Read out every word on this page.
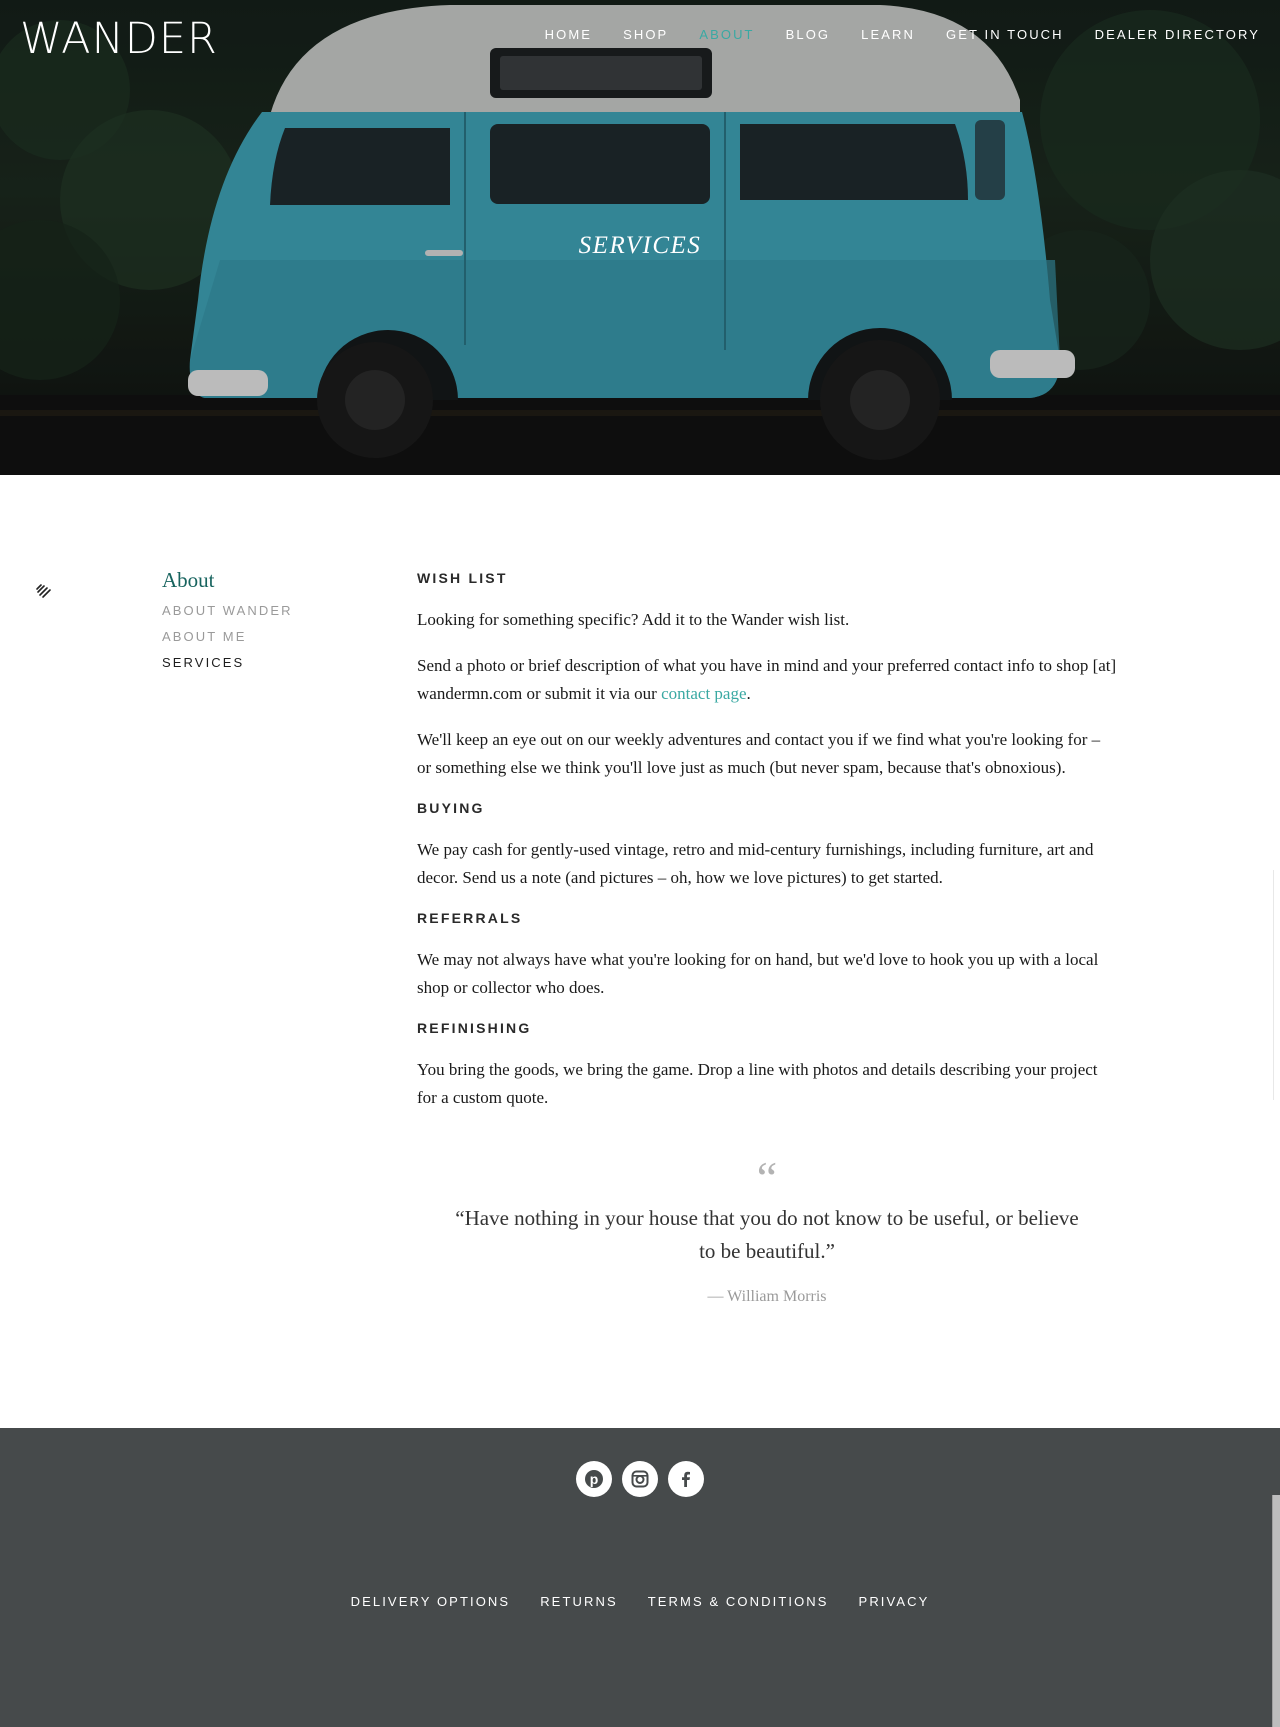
WANDER	HOME SHOP ABOUT BLOG LEARN GET IN TOUCH DEALER DIRECTORY
SERVICES
About
ABOUT WANDER
ABOUT ME
SERVICES
WISH LIST

Looking for something specific? Add it to the Wander wish list.

Send a photo or brief description of what you have in mind and your preferred contact info to shop [at] wandermn.com or submit it via our contact page.

We'll keep an eye out on our weekly adventures and contact you if we find what you're looking for – or something else we think you'll love just as much (but never spam, because that's obnoxious).

BUYING

We pay cash for gently-used vintage, retro and mid-century furnishings, including furniture, art and decor. Send us a note (and pictures – oh, how we love pictures) to get started.

REFERRALS

We may not always have what you're looking for on hand, but we'd love to hook you up with a local shop or collector who does.

REFINISHING

You bring the goods, we bring the game. Drop a line with photos and details describing your project for a custom quote.

“
“Have nothing in your house that you do not know to be useful, or believe to be beautiful.”
— William Morris
p
DELIVERY OPTIONS RETURNS TERMS & CONDITIONS PRIVACY
